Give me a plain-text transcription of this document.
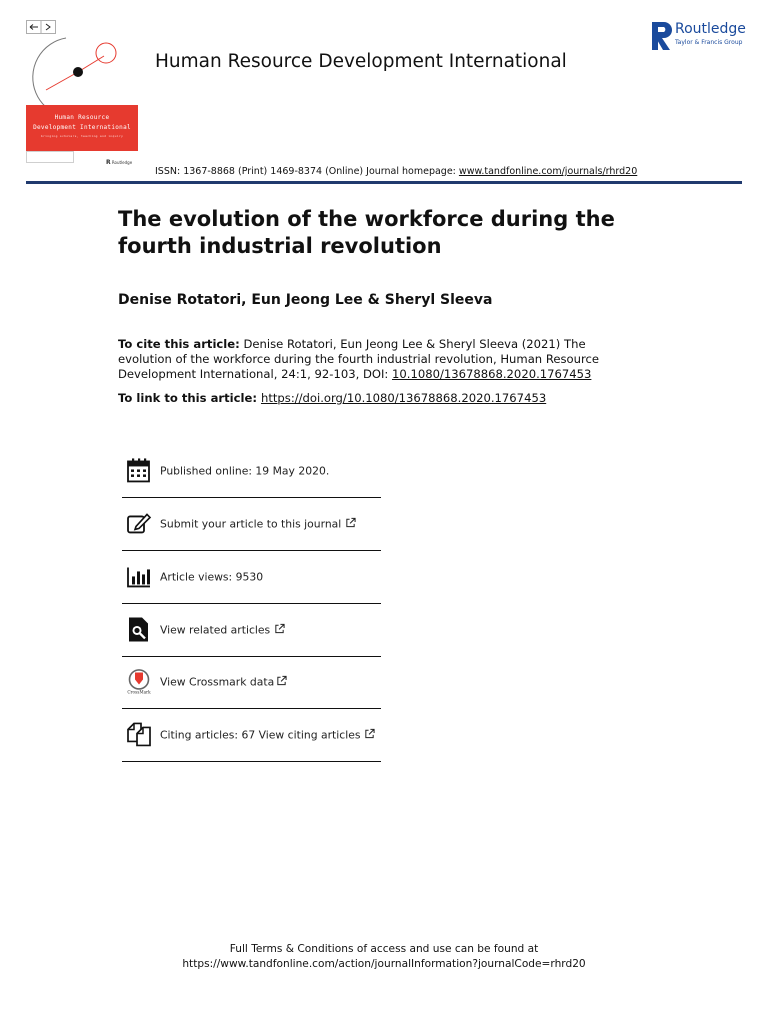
Human Resource
Development International
bringing scholars, teaching and inquiry
R Routledge
Human Resource Development International
Routledge
Taylor & Francis Group
ISSN: 1367-8868 (Print) 1469-8374 (Online) Journal homepage: www.tandfonline.com/journals/rhrd20
The evolution of the workforce during the fourth industrial revolution
Denise Rotatori, Eun Jeong Lee & Sheryl Sleeva
To cite this article: Denise Rotatori, Eun Jeong Lee & Sheryl Sleeva (2021) The evolution of the workforce during the fourth industrial revolution, Human Resource Development International, 24:1, 92-103, DOI: 10.1080/13678868.2020.1767453
To link to this article: https://doi.org/10.1080/13678868.2020.1767453
Published online: 19 May 2020.
Submit your article to this journal
Article views: 9530
View related articles
CrossMark
View Crossmark data
Citing articles: 67 View citing articles
Full Terms & Conditions of access and use can be found at
https://www.tandfonline.com/action/journalInformation?journalCode=rhrd20
